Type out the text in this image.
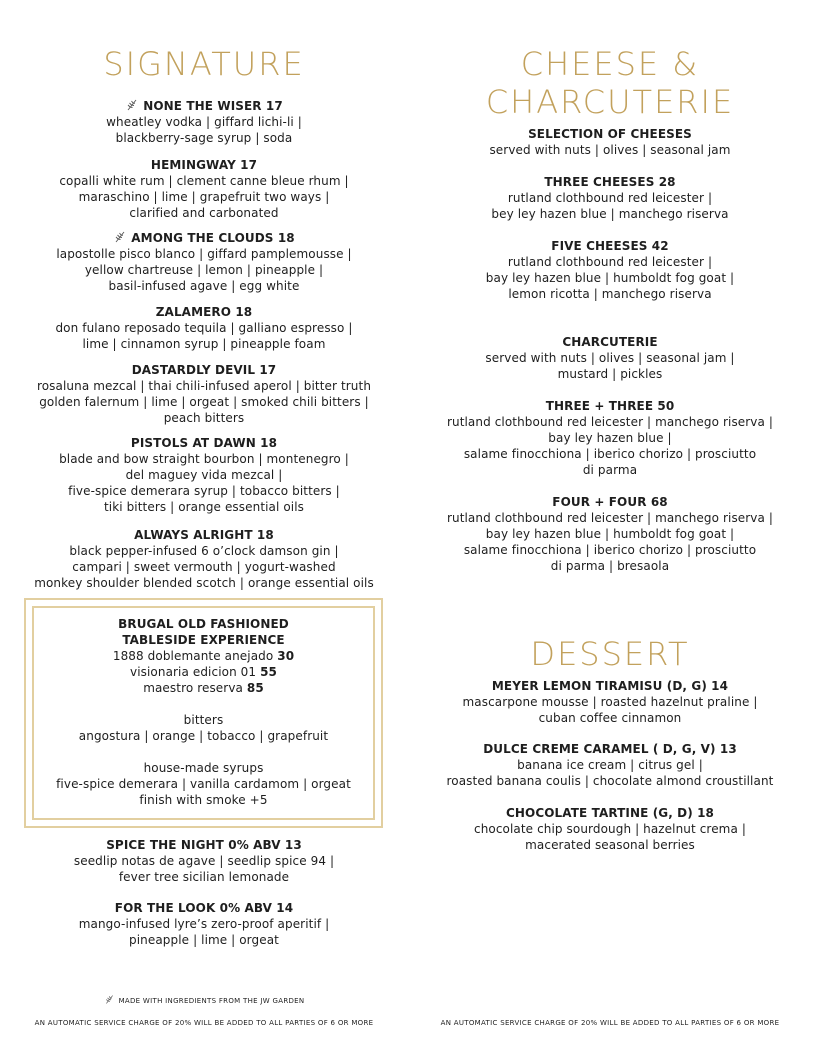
SIGNATURE
NONE THE WISER 17
wheatley vodka | giffard lichi-li |
blackberry-sage syrup | soda
HEMINGWAY 17
copalli white rum | clement canne bleue rhum |
maraschino | lime | grapefruit two ways |
clarified and carbonated
AMONG THE CLOUDS 18
lapostolle pisco blanco | giffard pamplemousse |
yellow chartreuse | lemon | pineapple |
basil-infused agave | egg white
ZALAMERO 18
don fulano reposado tequila | galliano espresso |
lime | cinnamon syrup | pineapple foam
DASTARDLY DEVIL 17
rosaluna mezcal | thai chili-infused aperol | bitter truth
golden falernum | lime | orgeat | smoked chili bitters |
peach bitters
PISTOLS AT DAWN 18
blade and bow straight bourbon | montenegro |
del maguey vida mezcal |
five-spice demerara syrup | tobacco bitters |
tiki bitters | orange essential oils
ALWAYS ALRIGHT 18
black pepper-infused 6 o’clock damson gin |
campari | sweet vermouth | yogurt-washed
monkey shoulder blended scotch | orange essential oils
SPICE THE NIGHT 0% ABV 13
seedlip notas de agave | seedlip spice 94 |
fever tree sicilian lemonade
FOR THE LOOK 0% ABV 14
mango-infused lyre’s zero-proof aperitif |
pineapple | lime | orgeat
BRUGAL OLD FASHIONED
TABLESIDE EXPERIENCE
1888 doblemante anejado 30
visionaria edicion 01 55
maestro reserva 85
bitters
angostura | orange | tobacco | grapefruit
house-made syrups
five-spice demerara | vanilla cardamom | orgeat
finish with smoke +5
CHEESE &
CHARCUTERIE
SELECTION OF CHEESES
served with nuts | olives | seasonal jam
THREE CHEESES 28
rutland clothbound red leicester |
bey ley hazen blue | manchego riserva
FIVE CHEESES 42
rutland clothbound red leicester |
bay ley hazen blue | humboldt fog goat |
lemon ricotta | manchego riserva
CHARCUTERIE
served with nuts | olives | seasonal jam |
mustard | pickles
THREE + THREE 50
rutland clothbound red leicester | manchego riserva |
bay ley hazen blue |
salame finocchiona | iberico chorizo | prosciutto
di parma
FOUR + FOUR 68
rutland clothbound red leicester | manchego riserva |
bay ley hazen blue | humboldt fog goat |
salame finocchiona | iberico chorizo | prosciutto
di parma | bresaola
DESSERT
MEYER LEMON TIRAMISU (D, G) 14
mascarpone mousse | roasted hazelnut praline |
cuban coffee cinnamon
DULCE CREME CARAMEL ( D, G, V) 13
banana ice cream | citrus gel |
roasted banana coulis | chocolate almond croustillant
CHOCOLATE TARTINE (G, D) 18
chocolate chip sourdough | hazelnut crema |
macerated seasonal berries
MADE WITH INGREDIENTS FROM THE JW GARDEN
AN AUTOMATIC SERVICE CHARGE OF 20% WILL BE ADDED TO ALL PARTIES OF 6 OR MORE	AN AUTOMATIC SERVICE CHARGE OF 20% WILL BE ADDED TO ALL PARTIES OF 6 OR MORE
